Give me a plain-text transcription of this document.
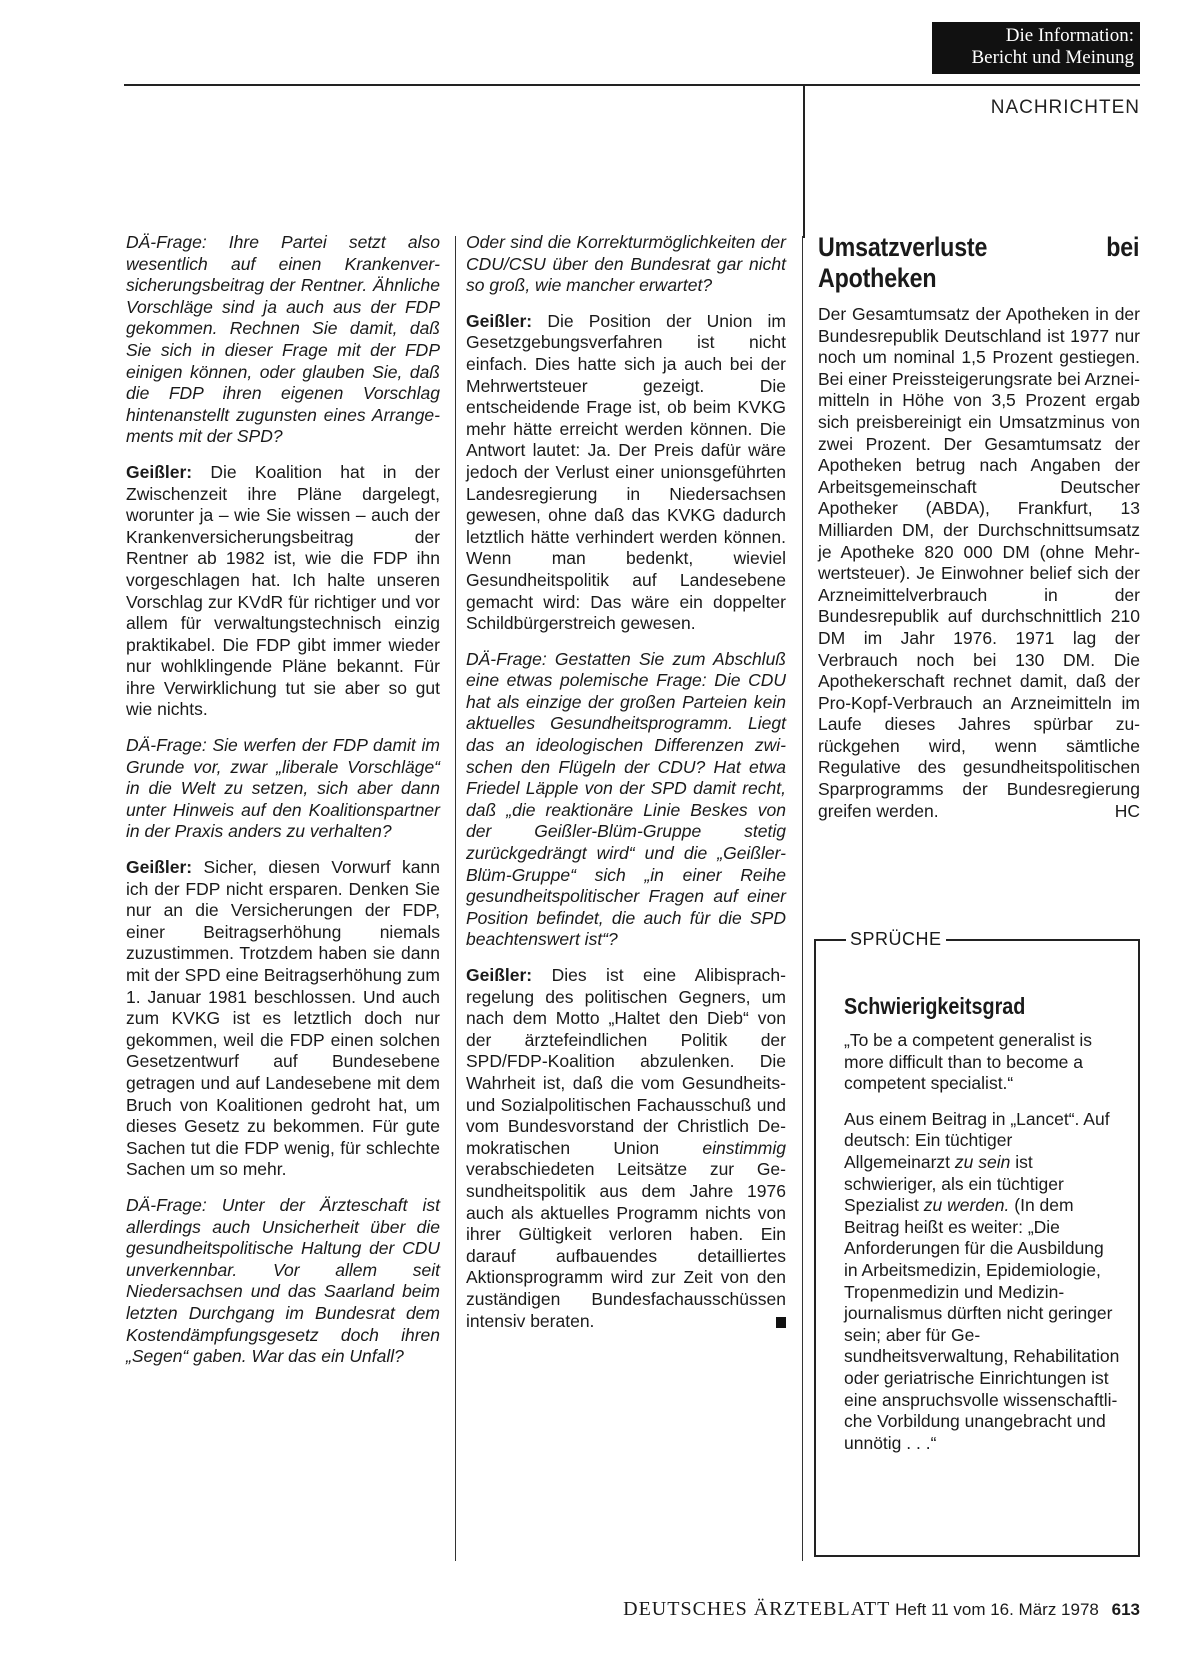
Die Information:
Bericht und Meinung
NACHRICHTEN

DÄ-Frage: Ihre Partei setzt also wesentlich auf einen Krankenversicherungsbeitrag der Rentner. Ähnliche Vorschläge sind ja auch aus der FDP gekommen. Rechnen Sie damit, daß Sie sich in dieser Frage mit der FDP einigen können, oder glauben Sie, daß die FDP ihren eigenen Vorschlag hintenanstellt zugunsten eines Arrangements mit der SPD?

Geißler: Die Koalition hat in der Zwischenzeit ihre Pläne dargelegt, worunter ja – wie Sie wissen – auch der Krankenversicherungsbeitrag der Rentner ab 1982 ist, wie die FDP ihn vorgeschlagen hat. Ich halte unseren Vorschlag zur KVdR für richtiger und vor allem für verwaltungstechnisch einzig praktikabel. Die FDP gibt immer wieder nur wohlklingende Pläne bekannt. Für ihre Verwirklichung tut sie aber so gut wie nichts.

DÄ-Frage: Sie werfen der FDP damit im Grunde vor, zwar „liberale Vorschläge“ in die Welt zu setzen, sich aber dann unter Hinweis auf den Koalitionspartner in der Praxis anders zu verhalten?

Geißler: Sicher, diesen Vorwurf kann ich der FDP nicht ersparen. Denken Sie nur an die Versicherungen der FDP, einer Beitragserhöhung niemals zuzustimmen. Trotzdem haben sie dann mit der SPD eine Beitragserhöhung zum 1. Januar 1981 beschlossen. Und auch zum KVKG ist es letztlich doch nur gekommen, weil die FDP einen solchen Gesetzentwurf auf Bundesebene getragen und auf Landesebene mit dem Bruch von Koalitionen gedroht hat, um dieses Gesetz zu bekommen. Für gute Sachen tut die FDP wenig, für schlechte Sachen um so mehr.

DÄ-Frage: Unter der Ärzteschaft ist allerdings auch Unsicherheit über die gesundheitspolitische Haltung der CDU unverkennbar. Vor allem seit Niedersachsen und das Saarland beim letzten Durchgang im Bundesrat dem Kostendämpfungsgesetz doch ihren „Segen“ gaben. War das ein Unfall?

Oder sind die Korrekturmöglichkeiten der CDU/CSU über den Bundesrat gar nicht so groß, wie mancher erwartet?

Geißler: Die Position der Union im Gesetzgebungsverfahren ist nicht einfach. Dies hatte sich ja auch bei der Mehrwertsteuer gezeigt. Die entscheidende Frage ist, ob beim KVKG mehr hätte erreicht werden können. Die Antwort lautet: Ja. Der Preis dafür wäre jedoch der Verlust einer unionsgeführten Landesregierung in Niedersachsen gewesen, ohne daß das KVKG dadurch letztlich hätte verhindert werden können. Wenn man bedenkt, wieviel Gesundheitspolitik auf Landesebene gemacht wird: Das wäre ein doppelter Schildbürgerstreich gewesen.

DÄ-Frage: Gestatten Sie zum Abschluß eine etwas polemische Frage: Die CDU hat als einzige der großen Parteien kein aktuelles Gesundheitsprogramm. Liegt das an ideologischen Differenzen zwischen den Flügeln der CDU? Hat etwa Friedel Läpple von der SPD damit recht, daß „die reaktionäre Linie Beskes von der Geißler-Blüm-Gruppe stetig zurückgedrängt wird“ und die „Geißler-Blüm-Gruppe“ sich „in einer Reihe gesundheitspolitischer Fragen auf einer Position befindet, die auch für die SPD beachtenswert ist“?

Geißler: Dies ist eine Alibisprachregelung des politischen Gegners, um nach dem Motto „Haltet den Dieb“ von der ärztefeindlichen Politik der SPD/FDP-Koalition abzulenken. Die Wahrheit ist, daß die vom Gesundheits- und Sozialpolitischen Fachausschuß und vom Bundesvorstand der Christlich Demokratischen Union einstimmig verabschiedeten Leitsätze zur Gesundheitspolitik aus dem Jahre 1976 auch als aktuelles Programm nichts von ihrer Gültigkeit verloren haben. Ein darauf aufbauendes detailliertes Aktionsprogramm wird zur Zeit von den zuständigen Bundesfachausschüssen intensiv beraten.

Umsatzverluste bei Apotheken

Der Gesamtumsatz der Apotheken in der Bundesrepublik Deutschland ist 1977 nur noch um nominal 1,5 Prozent gestiegen. Bei einer Preissteigerungsrate bei Arzneimitteln in Höhe von 3,5 Prozent ergab sich preisbereinigt ein Umsatzminus von zwei Prozent. Der Gesamtumsatz der Apotheken betrug nach Angaben der Arbeitsgemeinschaft Deutscher Apotheker (ABDA), Frankfurt, 13 Milliarden DM, der Durchschnittsumsatz je Apotheke 820 000 DM (ohne Mehrwertsteuer). Je Einwohner belief sich der Arzneimittelverbrauch in der Bundesrepublik auf durchschnittlich 210 DM im Jahr 1976. 1971 lag der Verbrauch noch bei 130 DM. Die Apothekerschaft rechnet damit, daß der Pro-Kopf-Verbrauch an Arzneimitteln im Laufe dieses Jahres spürbar zurückgehen wird, wenn sämtliche Regulative des gesundheitspolitischen Sparprogramms der Bundesregierung greifen werden.	HC

SPRÜCHE
Schwierigkeitsgrad

„To be a competent generalist is more difficult than to become a competent specialist.“

Aus einem Beitrag in „Lancet“. Auf deutsch: Ein tüchtiger Allgemeinarzt zu sein ist schwieriger, als ein tüchtiger Spezialist zu werden. (In dem Beitrag heißt es weiter: „Die Anforderungen für die Ausbildung in Arbeitsmedizin, Epidemiologie, Tropenmedizin und Medizinjournalismus dürften nicht geringer sein; aber für Gesundheitsverwaltung, Rehabilitation oder geriatrische Einrichtungen ist eine anspruchsvolle wissenschaftliche Vorbildung unangebracht und unnötig . . .“

DEUTSCHES ÄRZTEBLATT Heft 11 vom 16. März 1978 613
